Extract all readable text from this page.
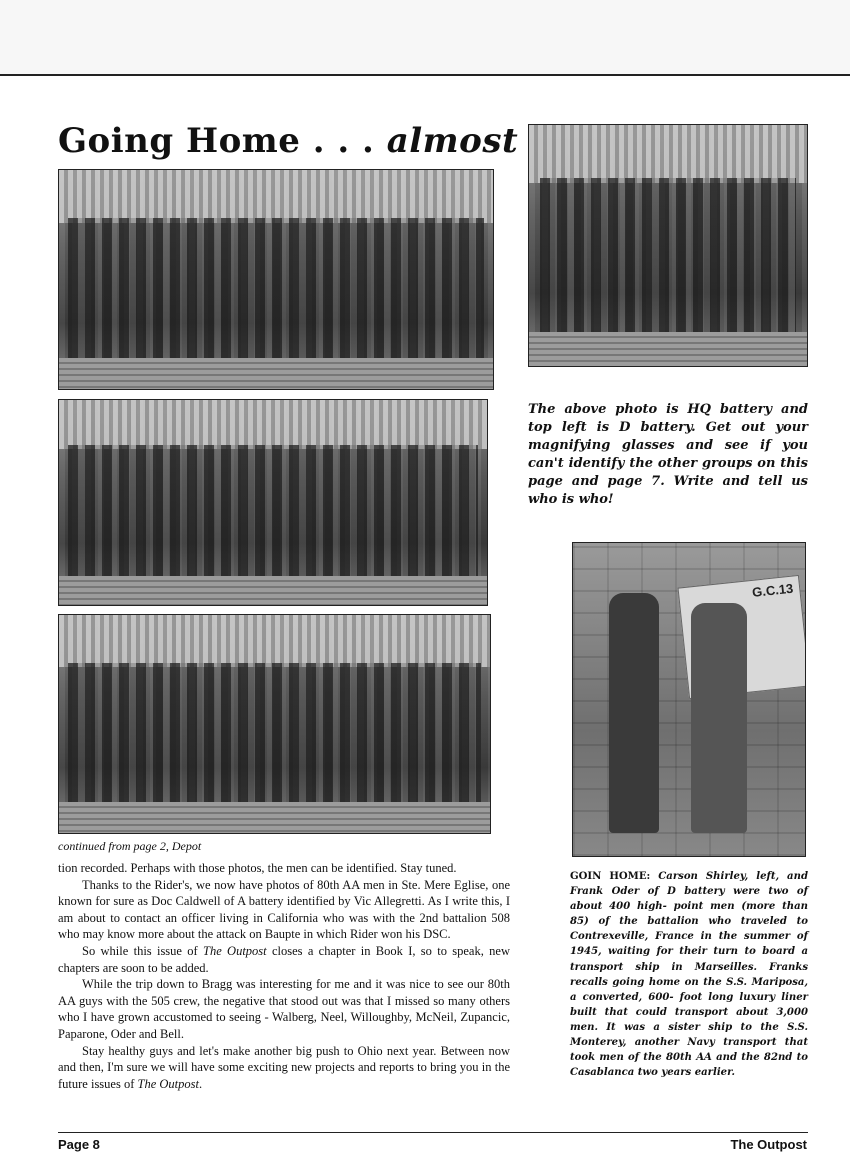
Going Home . . . almost

The above photo is HQ battery and top left is D battery. Get out your magnifying glasses and see if you can't identify the other groups on this page and page 7. Write and tell us who is who!

G.C.13

GOIN HOME: Carson Shirley, left, and Frank Oder of D battery were two of about 400 high- point men (more than 85) of the battalion who traveled to Contrexeville, France in the summer of 1945, waiting for their turn to board a transport ship in Marseilles. Franks recalls going home on the S.S. Mariposa, a converted, 600- foot long luxury liner built that could transport about 3,000 men. It was a sister ship to the S.S. Monterey, another Navy transport that took men of the 80th AA and the 82nd to Casablanca two years earlier.

continued from page 2, Depot

tion recorded. Perhaps with those photos, the men can be identified. Stay tuned.

Thanks to the Rider's, we now have photos of 80th AA men in Ste. Mere Eglise, one known for sure as Doc Caldwell of A battery identified by Vic Allegretti. As I write this, I am about to contact an officer living in California who was with the 2nd battalion 508 who may know more about the attack on Baupte in which Rider won his DSC.

So while this issue of The Outpost closes a chapter in Book I, so to speak, new chapters are soon to be added.

While the trip down to Bragg was interesting for me and it was nice to see our 80th AA guys with the 505 crew, the negative that stood out was that I missed so many others who I have grown accustomed to seeing - Walberg, Neel, Willoughby, McNeil, Zupancic, Paparone, Oder and Bell.

Stay healthy guys and let's make another big push to Ohio next year. Between now and then, I'm sure we will have some exciting new projects and reports to bring you in the future issues of The Outpost.

Page 8	The Outpost
